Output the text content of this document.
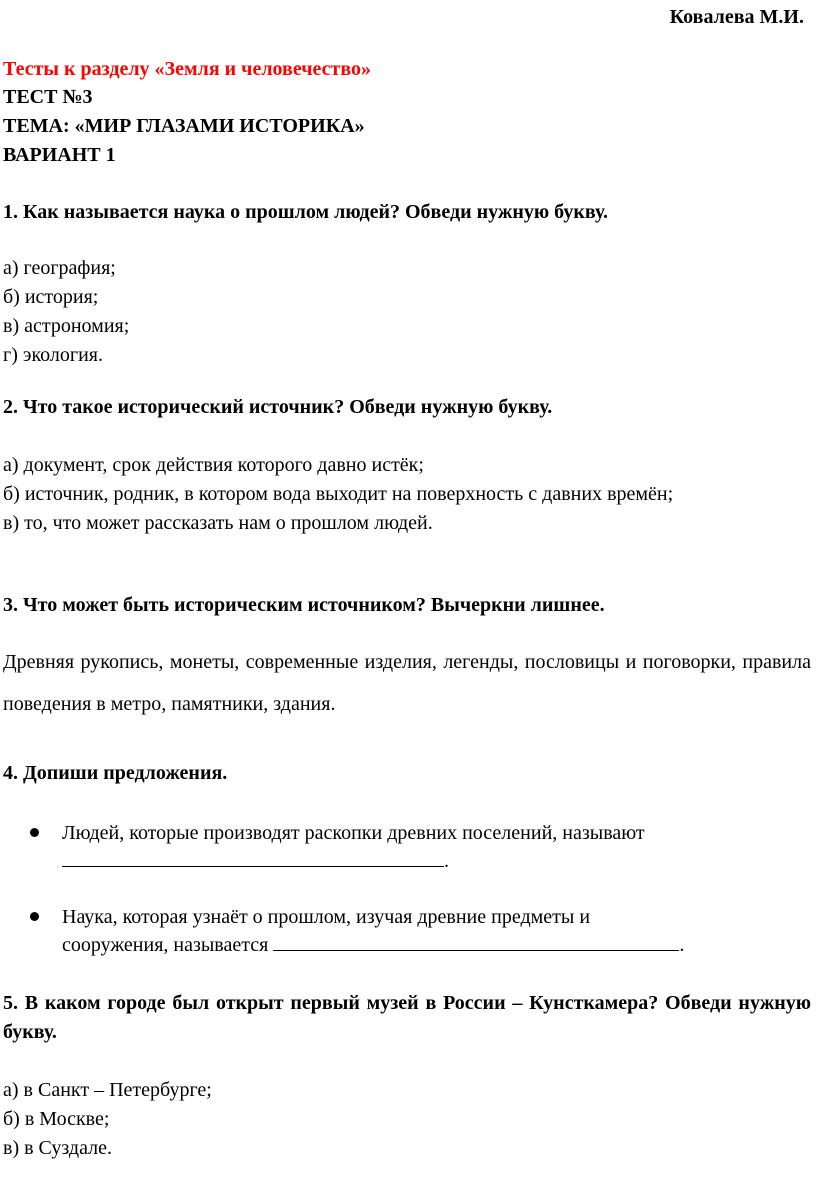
Ковалева М.И.
Тесты к разделу «Земля и человечество»
ТЕСТ №3
ТЕМА: «МИР ГЛАЗАМИ ИСТОРИКА»
ВАРИАНТ 1
1. Как называется наука о прошлом людей? Обведи нужную букву.
а) география;
б) история;
в) астрономия;
г) экология.
2. Что такое исторический источник? Обведи нужную букву.
а) документ, срок действия которого давно истёк;
б) источник, родник, в котором вода выходит на поверхность с давних времён;
в) то, что может рассказать нам о прошлом людей.
3. Что может быть историческим источником? Вычеркни лишнее.
Древняя рукопись, монеты, современные изделия, легенды, пословицы и поговорки, правила поведения в метро, памятники, здания.
4. Допиши предложения.
Людей, которые производят раскопки древних поселений, называют
.
Наука, которая узнаёт о прошлом, изучая древние предметы и
сооружения, называется	.
5. В каком городе был открыт первый музей в России – Кунсткамера? Обведи нужную букву.
а) в Санкт – Петербурге;
б) в Москве;
в) в Суздале.
